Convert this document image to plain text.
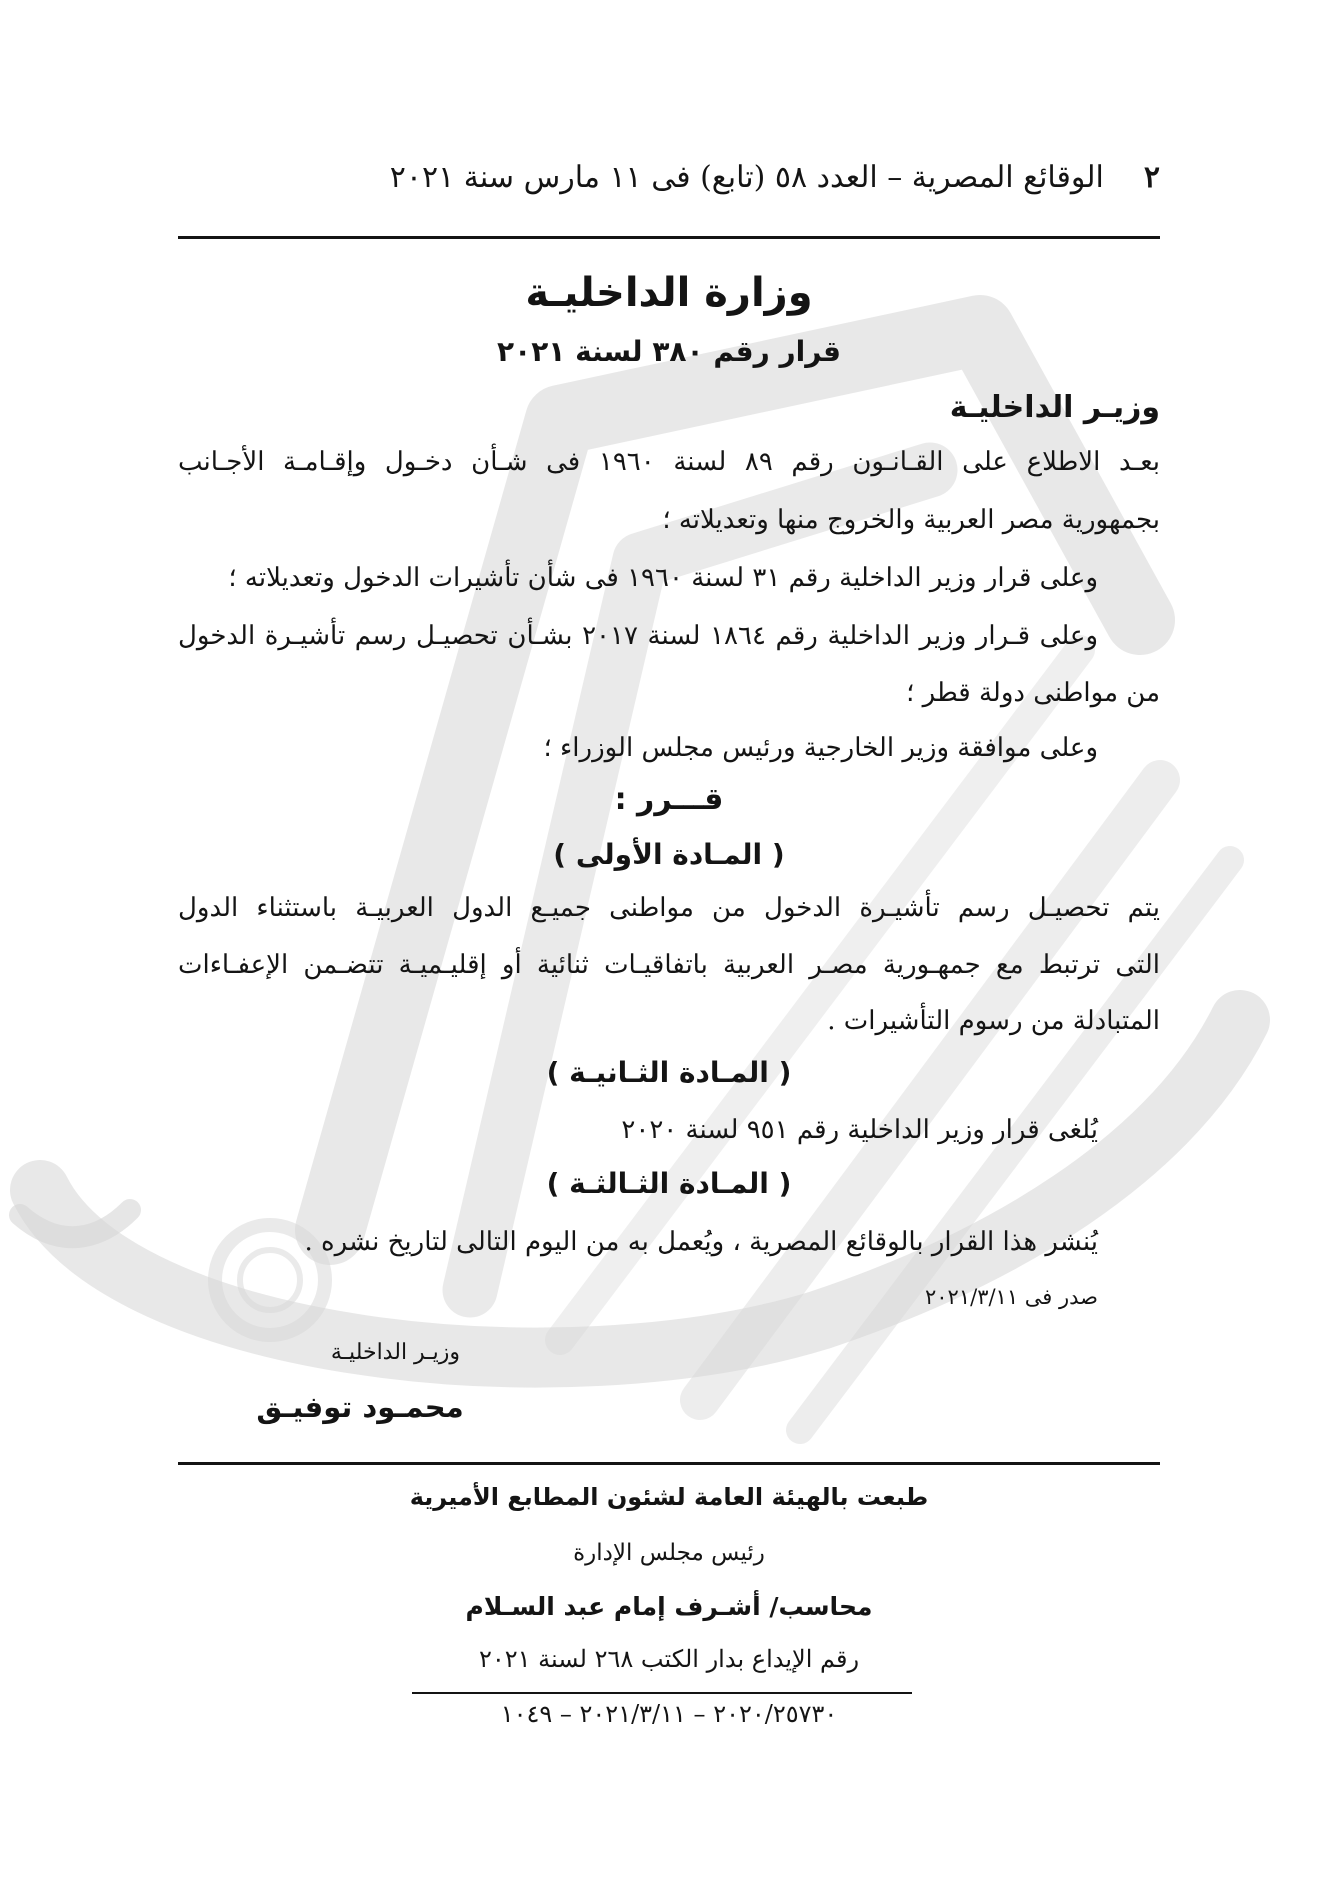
٢
الوقائع المصرية – العدد ٥٨ (تابع) فى ١١ مارس سنة ٢٠٢١
وزارة الداخليـة
قرار رقم ٣٨٠ لسنة ٢٠٢١
وزيـر الداخليـة
بعـد الاطلاع على القـانـون رقم ٨٩ لسنة ١٩٦٠ فى شـأن دخـول وإقـامـة الأجـانب
بجمهورية مصر العربية والخروج منها وتعديلاته ؛
وعلى قرار وزير الداخلية رقم ٣١ لسنة ١٩٦٠ فى شأن تأشيرات الدخول وتعديلاته ؛
وعلى قـرار وزير الداخلية رقم ١٨٦٤ لسنة ٢٠١٧ بشـأن تحصيـل رسم تأشيـرة الدخول
من مواطنى دولة قطر ؛
وعلى موافقة وزير الخارجية ورئيس مجلس الوزراء ؛
قـــرر :
( المـادة الأولى )
يتم تحصيـل رسم تأشيـرة الدخول من مواطنى جميـع الدول العربيـة باستثناء الدول
التى ترتبط مع جمهـورية مصـر العربية باتفاقيـات ثنائية أو إقليـميـة تتضـمن الإعفـاءات
المتبادلة من رسوم التأشيرات .
( المـادة الثـانيـة )
يُلغى قرار وزير الداخلية رقم ٩٥١ لسنة ٢٠٢٠
( المـادة الثـالثـة )
يُنشر هذا القرار بالوقائع المصرية ، ويُعمل به من اليوم التالى لتاريخ نشره .
صدر فى ٢٠٢١/٣/١١
وزيـر الداخليـة
محمـود توفيـق
طبعت بالهيئة العامة لشئون المطابع الأميرية
رئيس مجلس الإدارة
محاسب/ أشـرف إمام عبد السـلام
رقم الإيداع بدار الكتب ٢٦٨ لسنة ٢٠٢١
٢٠٢٠/٢٥٧٣٠ – ٢٠٢١/٣/١١ – ١٠٤٩
